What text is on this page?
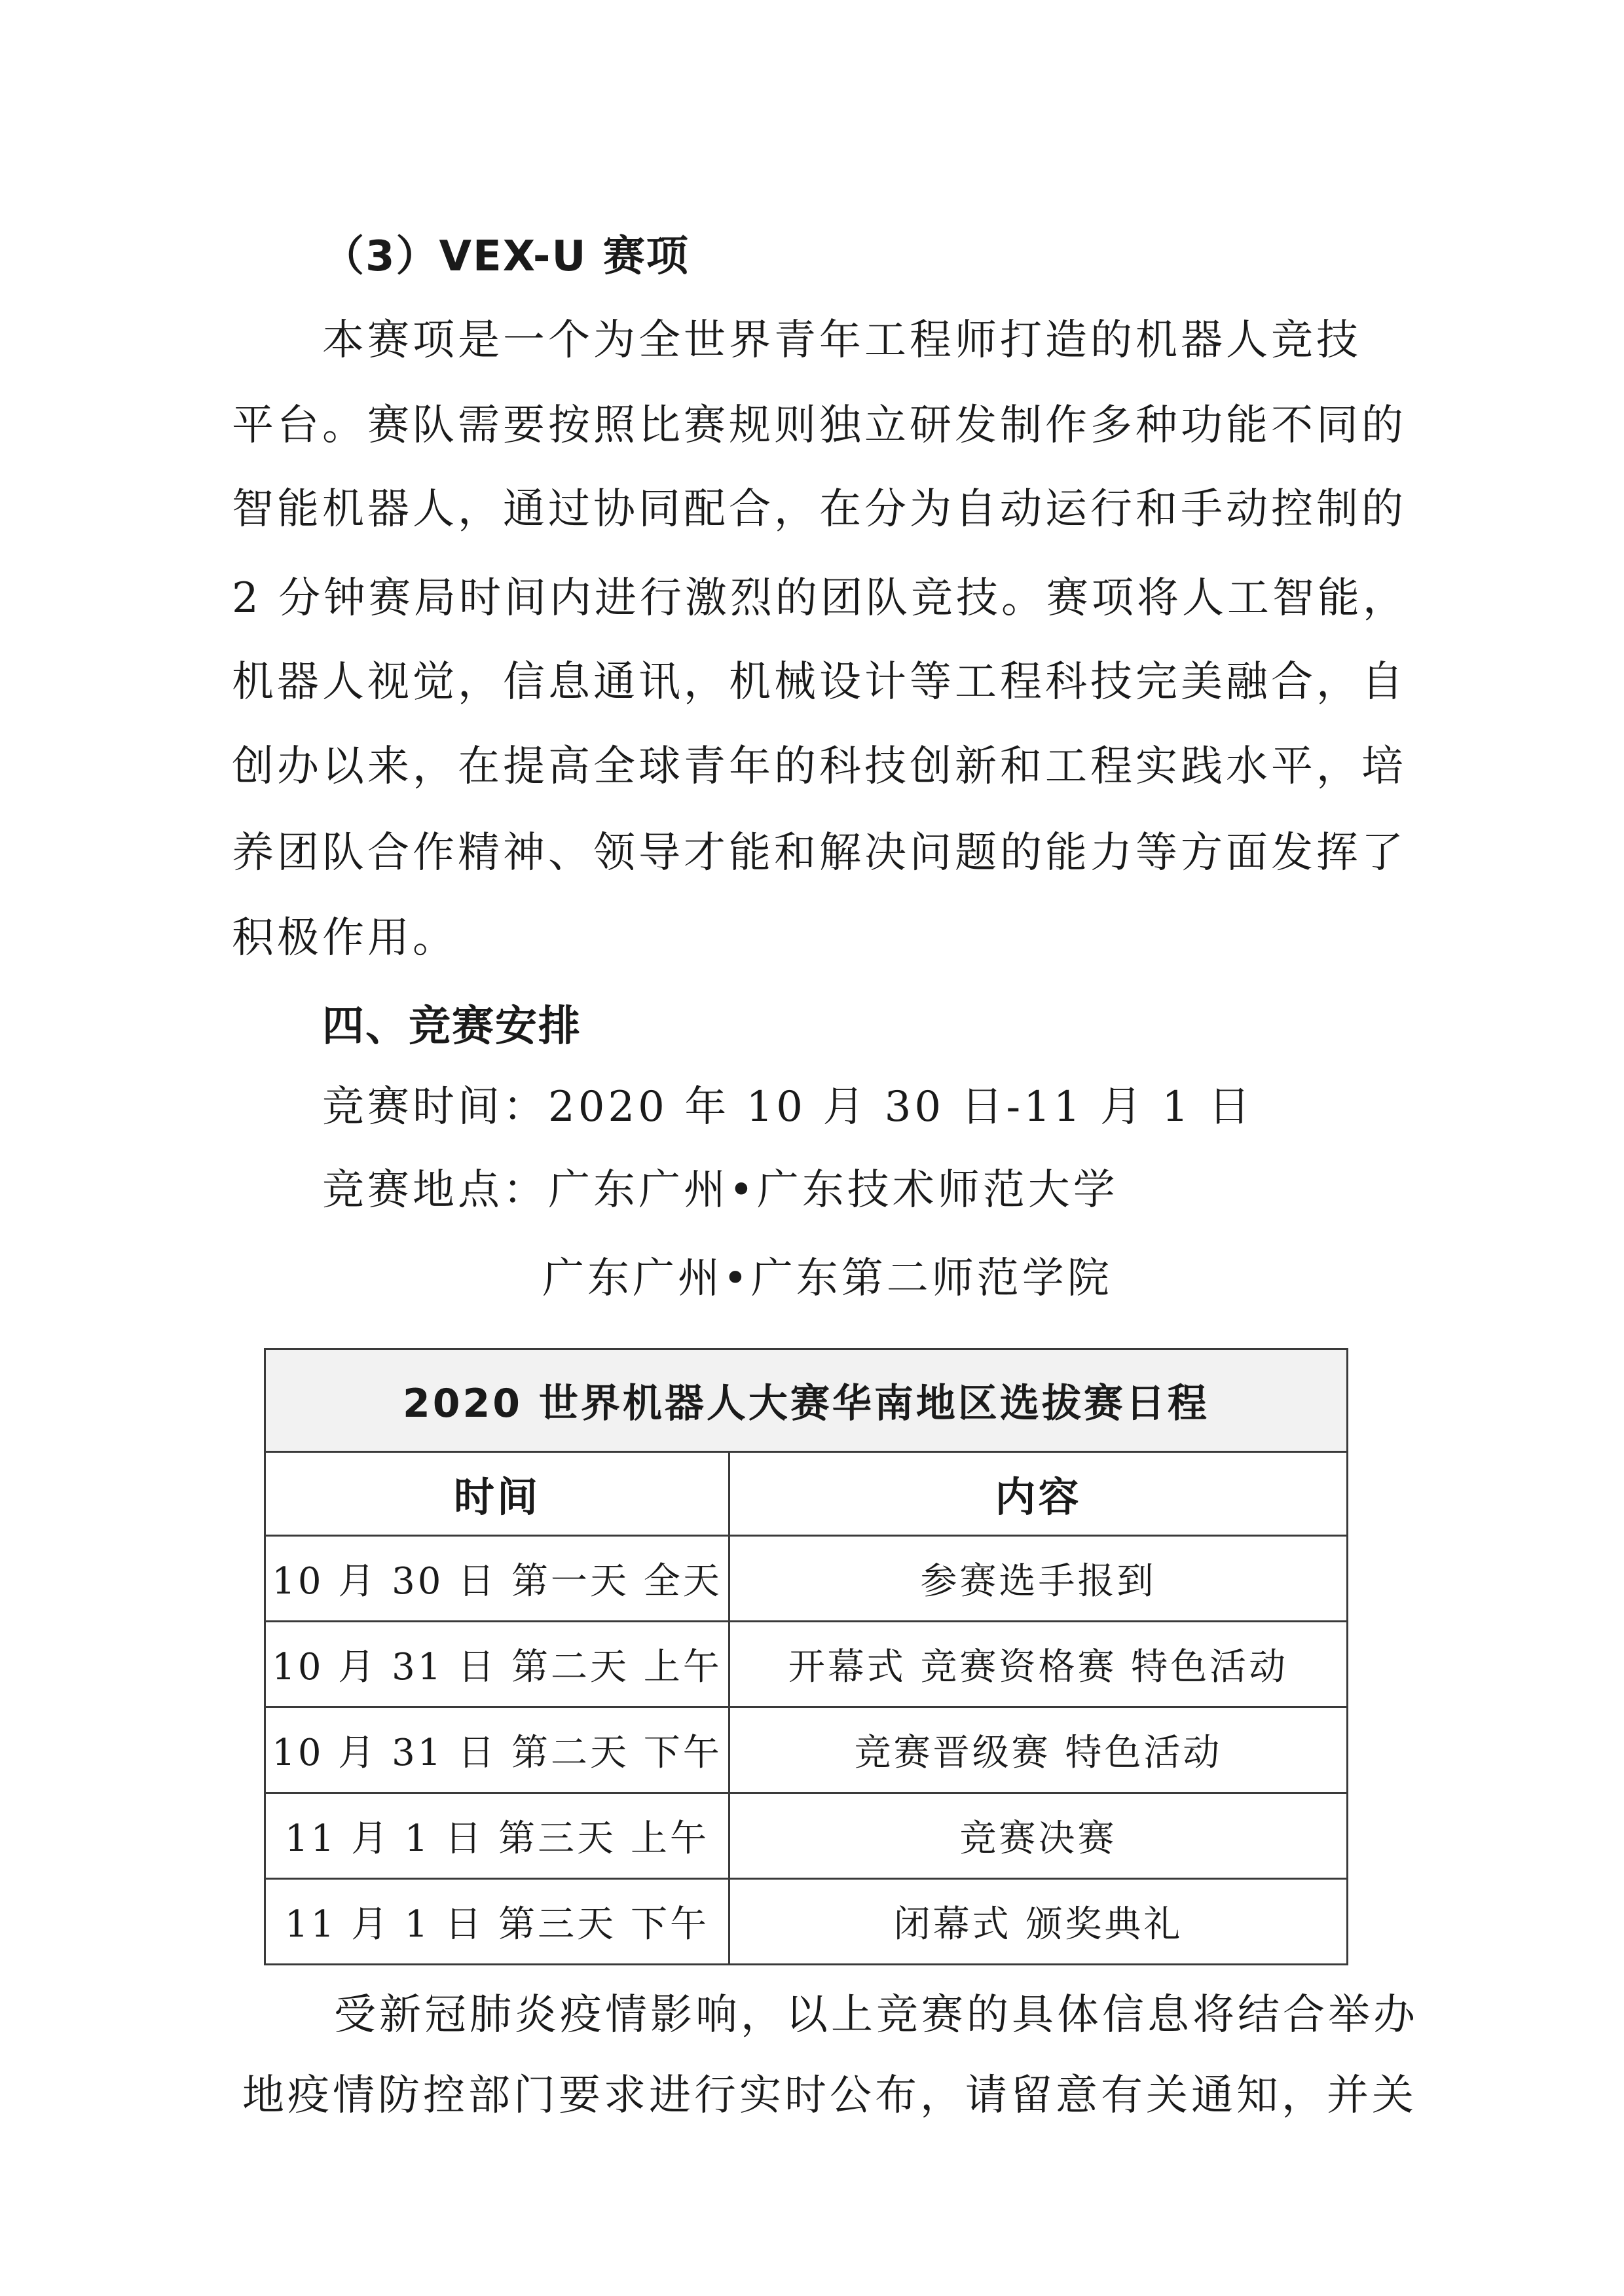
（3）VEX-U 赛项
本赛项是一个为全世界青年工程师打造的机器人竞技
平台。赛队需要按照比赛规则独立研发制作多种功能不同的
智能机器人，通过协同配合，在分为自动运行和手动控制的
2 分钟赛局时间内进行激烈的团队竞技。赛项将人工智能，
机器人视觉，信息通讯，机械设计等工程科技完美融合，自
创办以来，在提高全球青年的科技创新和工程实践水平，培
养团队合作精神、领导才能和解决问题的能力等方面发挥了
积极作用。
四、竞赛安排
竞赛时间：2020 年 10 月 30 日-11 月 1 日
竞赛地点：广东广州•广东技术师范大学
广东广州•广东第二师范学院
2020 世界机器人大赛华南地区选拔赛日程	
时间	内容
10 月 30 日 第一天 全天	参赛选手报到
10 月 31 日 第二天 上午	开幕式 竞赛资格赛 特色活动
10 月 31 日 第二天 下午	竞赛晋级赛 特色活动
11 月 1 日 第三天 上午	竞赛决赛
11 月 1 日 第三天 下午	闭幕式 颁奖典礼
受新冠肺炎疫情影响，以上竞赛的具体信息将结合举办
地疫情防控部门要求进行实时公布，请留意有关通知，并关
